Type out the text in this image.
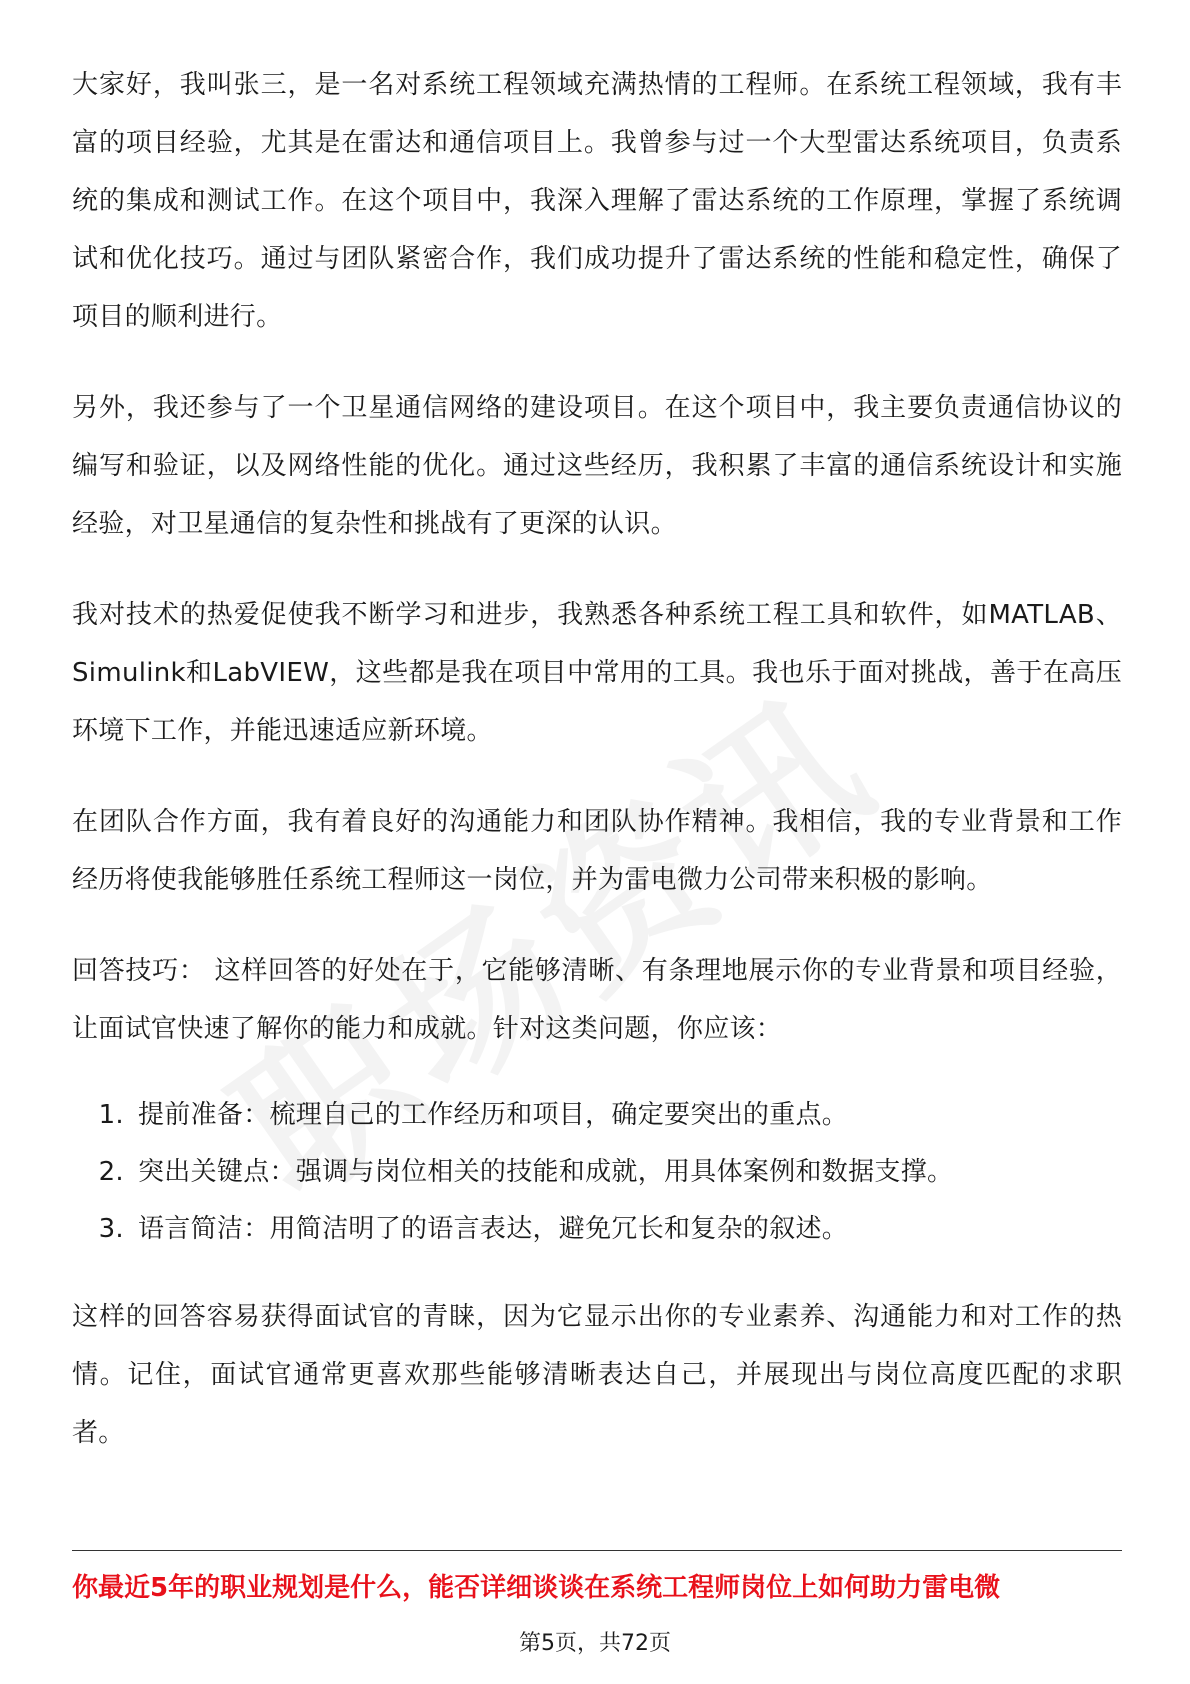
大家好，我叫张三，是一名对系统工程领域充满热情的工程师。在系统工程领域，我有丰富的项目经验，尤其是在雷达和通信项目上。我曾参与过一个大型雷达系统项目，负责系统的集成和测试工作。在这个项目中，我深入理解了雷达系统的工作原理，掌握了系统调试和优化技巧。通过与团队紧密合作，我们成功提升了雷达系统的性能和稳定性，确保了项目的顺利进行。

另外，我还参与了一个卫星通信网络的建设项目。在这个项目中，我主要负责通信协议的编写和验证，以及网络性能的优化。通过这些经历，我积累了丰富的通信系统设计和实施经验，对卫星通信的复杂性和挑战有了更深的认识。

我对技术的热爱促使我不断学习和进步，我熟悉各种系统工程工具和软件，如MATLAB、Simulink和LabVIEW，这些都是我在项目中常用的工具。我也乐于面对挑战，善于在高压环境下工作，并能迅速适应新环境。

在团队合作方面，我有着良好的沟通能力和团队协作精神。我相信，我的专业背景和工作经历将使我能够胜任系统工程师这一岗位，并为雷电微力公司带来积极的影响。

回答技巧： 这样回答的好处在于，它能够清晰、有条理地展示你的专业背景和项目经验，让面试官快速了解你的能力和成就。针对这类问题，你应该：

1. 提前准备：梳理自己的工作经历和项目，确定要突出的重点。
2. 突出关键点：强调与岗位相关的技能和成就，用具体案例和数据支撑。
3. 语言简洁：用简洁明了的语言表达，避免冗长和复杂的叙述。

这样的回答容易获得面试官的青睐，因为它显示出你的专业素养、沟通能力和对工作的热情。记住，面试官通常更喜欢那些能够清晰表达自己，并展现出与岗位高度匹配的求职者。

你最近5年的职业规划是什么，能否详细谈谈在系统工程师岗位上如何助力雷电微
第5页，共72页
